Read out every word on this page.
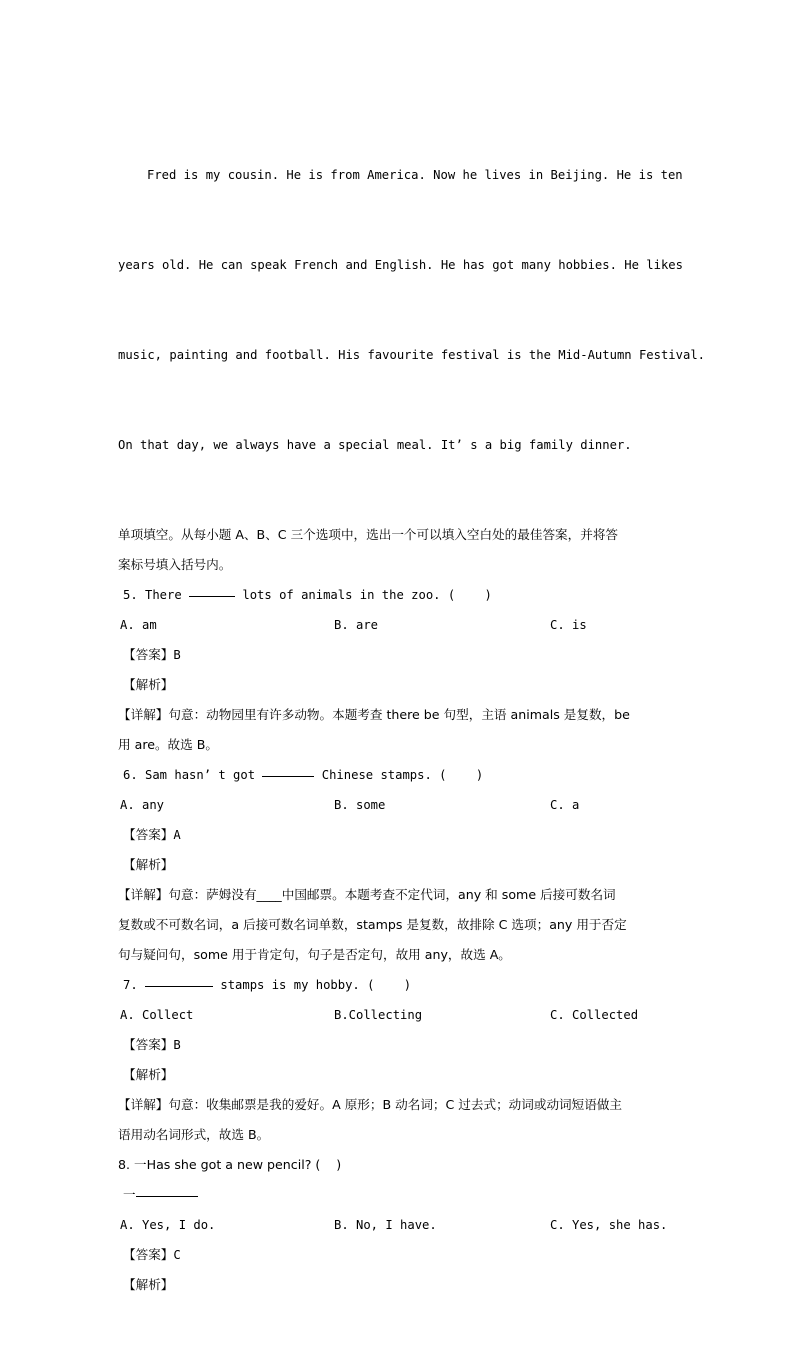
Fred is my cousin. He is from America. Now he lives in Beijing. He is ten

years old. He can speak French and English. He has got many hobbies. He likes

music, painting and football. His favourite festival is the Mid-Autumn Festival.

On that day, we always have a special meal. It’ s a big family dinner.

单项填空。从每小题 A、B、C 三个选项中，选出一个可以填入空白处的最佳答案，并将答
案标号填入括号内。
5. There	lots of animals in the zoo. (    )

A. am

	B. are

	C. is

【答案】B
【解析】
【详解】句意：动物园里有许多动物。本题考查 there be 句型，主语 animals 是复数，be
用 are。故选 B。
6. Sam hasn’ t got	Chinese stamps. (    )

A. any

	B. some

	C. a

【答案】A
【解析】
【详解】句意：萨姆没有____中国邮票。本题考查不定代词，any 和 some 后接可数名词
复数或不可数名词，a 后接可数名词单数，stamps 是复数，故排除 C 选项；any 用于否定
句与疑问句，some 用于肯定句，句子是否定句，故用 any，故选 A。
7.	stamps is my hobby. (    )

A. Collect

	B.Collecting

	C. Collected

【答案】B
【解析】
【详解】句意：收集邮票是我的爱好。A 原形；B 动名词；C 过去式；动词或动词短语做主
语用动名词形式，故选 B。
8. 一Has she got a new pencil? (    )
一

A. Yes, I do.

	B. No, I have.

	C. Yes, she has.

【答案】C
【解析】
